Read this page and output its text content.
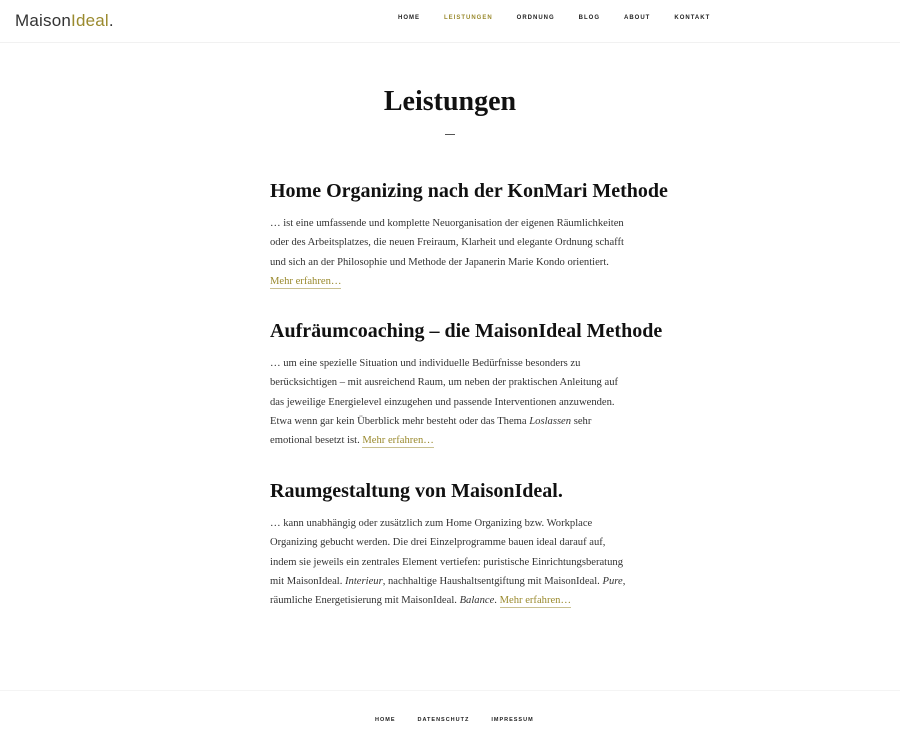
MaisonIdeal.	HOME	LEISTUNGEN	ORDNUNG	BLOG	ABOUT	KONTAKT
Leistungen
Home Organizing nach der KonMari Methode

… ist eine umfassende und komplette Neuorganisation der eigenen Räumlichkeiten oder des Arbeitsplatzes, die neuen Freiraum, Klarheit und elegante Ordnung schafft und sich an der Philosophie und Methode der Japanerin Marie Kondo orientiert.
Mehr erfahren…

Aufräumcoaching – die MaisonIdeal Methode

… um eine spezielle Situation und individuelle Bedürfnisse besonders zu berücksichtigen – mit ausreichend Raum, um neben der praktischen Anleitung auf das jeweilige Energielevel einzugehen und passende Interventionen anzuwenden. Etwa wenn gar kein Überblick mehr besteht oder das Thema Loslassen sehr emotional besetzt ist. Mehr erfahren…

Raumgestaltung von MaisonIdeal.

… kann unabhängig oder zusätzlich zum Home Organizing bzw. Workplace Organizing gebucht werden. Die drei Einzelprogramme bauen ideal darauf auf, indem sie jeweils ein zentrales Element vertiefen: puristische Einrichtungsberatung mit MaisonIdeal. Interieur, nachhaltige Haushaltsentgiftung mit MaisonIdeal. Pure, räumliche Energetisierung mit MaisonIdeal. Balance. Mehr erfahren…

HOME	DATENSCHUTZ	IMPRESSUM
